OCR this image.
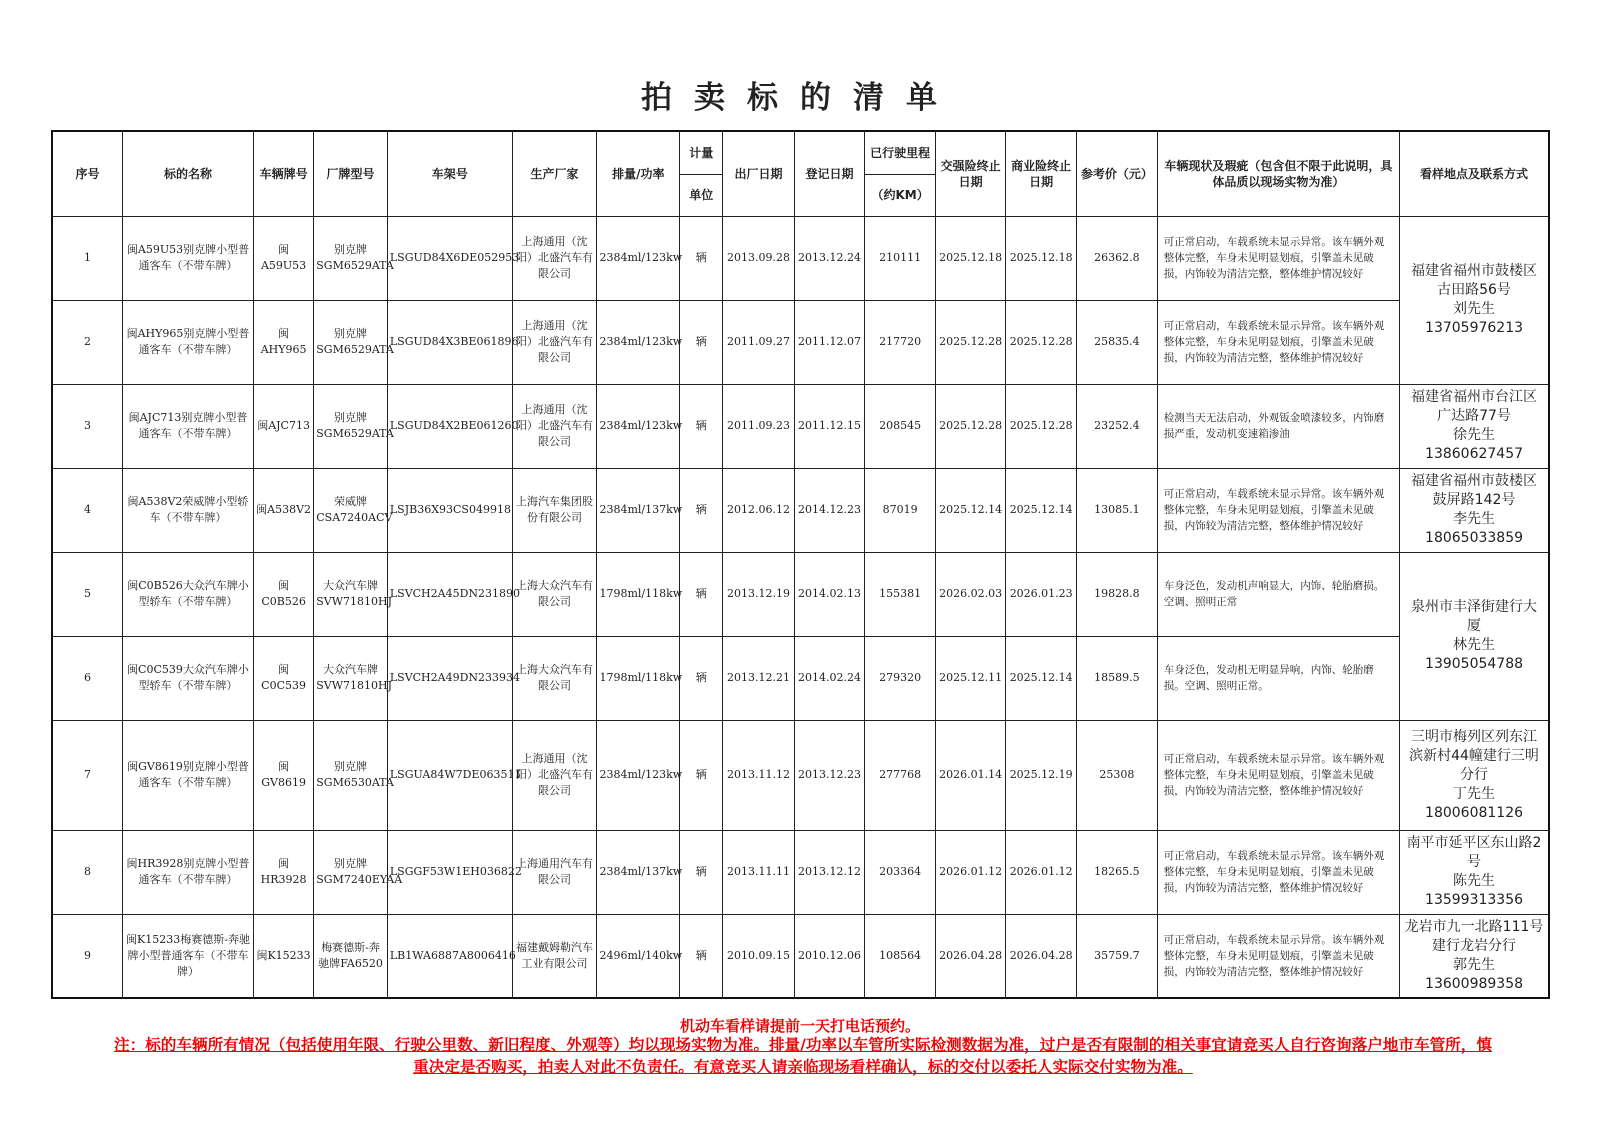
拍卖标的清单
序号	标的名称	车辆牌号	厂牌型号	车架号	生产厂家	排量/功率	计量	出厂日期	登记日期	已行驶里程	交强险终止日期	商业险终止日期	参考价（元）	车辆现状及瑕疵（包含但不限于此说明，具体品质以现场实物为准）	看样地点及联系方式
							单位			（约KM）					
1	闽A59U53别克牌小型普通客车（不带车牌）	闽A59U53	别克牌SGM6529ATA	LSGUD84X6DE052953	上海通用（沈阳）北盛汽车有限公司	2384ml/123kw	辆	2013.09.28	2013.12.24	210111	2025.12.18	2025.12.18	26362.8	可正常启动，车载系统未显示异常。该车辆外观整体完整，车身未见明显划痕，引擎盖未见破损，内饰较为清洁完整，整体维护情况较好	福建省福州市鼓楼区古田路56号
刘先生
13705976213

2	闽AHY965别克牌小型普通客车（不带车牌）	闽AHY965	别克牌SGM6529ATA	LSGUD84X3BE061896	上海通用（沈阳）北盛汽车有限公司	2384ml/123kw	辆	2011.09.27	2011.12.07	217720	2025.12.28	2025.12.28	25835.4	可正常启动，车载系统未显示异常。该车辆外观整体完整，车身未见明显划痕，引擎盖未见破损，内饰较为清洁完整，整体维护情况较好	
3	闽AJC713别克牌小型普通客车（不带车牌）	闽AJC713	别克牌SGM6529ATA	LSGUD84X2BE061260	上海通用（沈阳）北盛汽车有限公司	2384ml/123kw	辆	2011.09.23	2011.12.15	208545	2025.12.28	2025.12.28	23252.4	检测当天无法启动，外观钣金喷漆较多，内饰磨损严重，发动机变速箱渗油	福建省福州市台江区广达路77号
徐先生
13860627457

4	闽A538V2荣威牌小型轿车（不带车牌）	闽A538V2	荣威牌CSA7240ACV	LSJB36X93CS049918	上海汽车集团股份有限公司	2384ml/137kw	辆	2012.06.12	2014.12.23	87019	2025.12.14	2025.12.14	13085.1	可正常启动，车载系统未显示异常。该车辆外观整体完整，车身未见明显划痕，引擎盖未见破损，内饰较为清洁完整，整体维护情况较好	福建省福州市鼓楼区鼓屏路142号
李先生
18065033859

5	闽C0B526大众汽车牌小型轿车（不带车牌）	闽C0B526	大众汽车牌SVW71810HJ	LSVCH2A45DN231890	上海大众汽车有限公司	1798ml/118kw	辆	2013.12.19	2014.02.13	155381	2026.02.03	2026.01.23	19828.8	车身泛色，发动机声响显大，内饰、轮胎磨损。空调、照明正常	泉州市丰泽街建行大厦
林先生
13905054788

6	闽C0C539大众汽车牌小型轿车（不带车牌）	闽C0C539	大众汽车牌SVW71810HJ	LSVCH2A49DN233934	上海大众汽车有限公司	1798ml/118kw	辆	2013.12.21	2014.02.24	279320	2025.12.11	2025.12.14	18589.5	车身泛色，发动机无明显异响，内饰、轮胎磨损。空调、照明正常。	
7	闽GV8619别克牌小型普通客车（不带车牌）	闽GV8619	别克牌SGM6530ATA	LSGUA84W7DE063511	上海通用（沈阳）北盛汽车有限公司	2384ml/123kw	辆	2013.11.12	2013.12.23	277768	2026.01.14	2025.12.19	25308	可正常启动，车载系统未显示异常。该车辆外观整体完整，车身未见明显划痕，引擎盖未见破损，内饰较为清洁完整，整体维护情况较好	三明市梅列区列东江滨新村44幢建行三明分行
丁先生
18006081126

8	闽HR3928别克牌小型普通客车（不带车牌）	闽HR3928	别克牌SGM7240EYAA	LSGGF53W1EH036822	上海通用汽车有限公司	2384ml/137kw	辆	2013.11.11	2013.12.12	203364	2026.01.12	2026.01.12	18265.5	可正常启动，车载系统未显示异常。该车辆外观整体完整，车身未见明显划痕，引擎盖未见破损，内饰较为清洁完整，整体维护情况较好	南平市延平区东山路2号
陈先生
13599313356

9	闽K15233梅赛德斯-奔驰牌小型普通客车（不带车牌）	闽K15233	梅赛德斯-奔驰牌FA6520	LB1WA6887A8006416	福建戴姆勒汽车工业有限公司	2496ml/140kw	辆	2010.09.15	2010.12.06	108564	2026.04.28	2026.04.28	35759.7	可正常启动，车载系统未显示异常。该车辆外观整体完整，车身未见明显划痕，引擎盖未见破损，内饰较为清洁完整，整体维护情况较好	龙岩市九一北路111号建行龙岩分行
郭先生
13600989358
机动车看样请提前一天打电话预约。
注：标的车辆所有情况（包括使用年限、行驶公里数、新旧程度、外观等）均以现场实物为准。排量/功率以车管所实际检测数据为准，过户是否有限制的相关事宜请竞买人自行咨询落户地市车管所，慎重决定是否购买，拍卖人对此不负责任。有意竞买人请亲临现场看样确认，标的交付以委托人实际交付实物为准。
